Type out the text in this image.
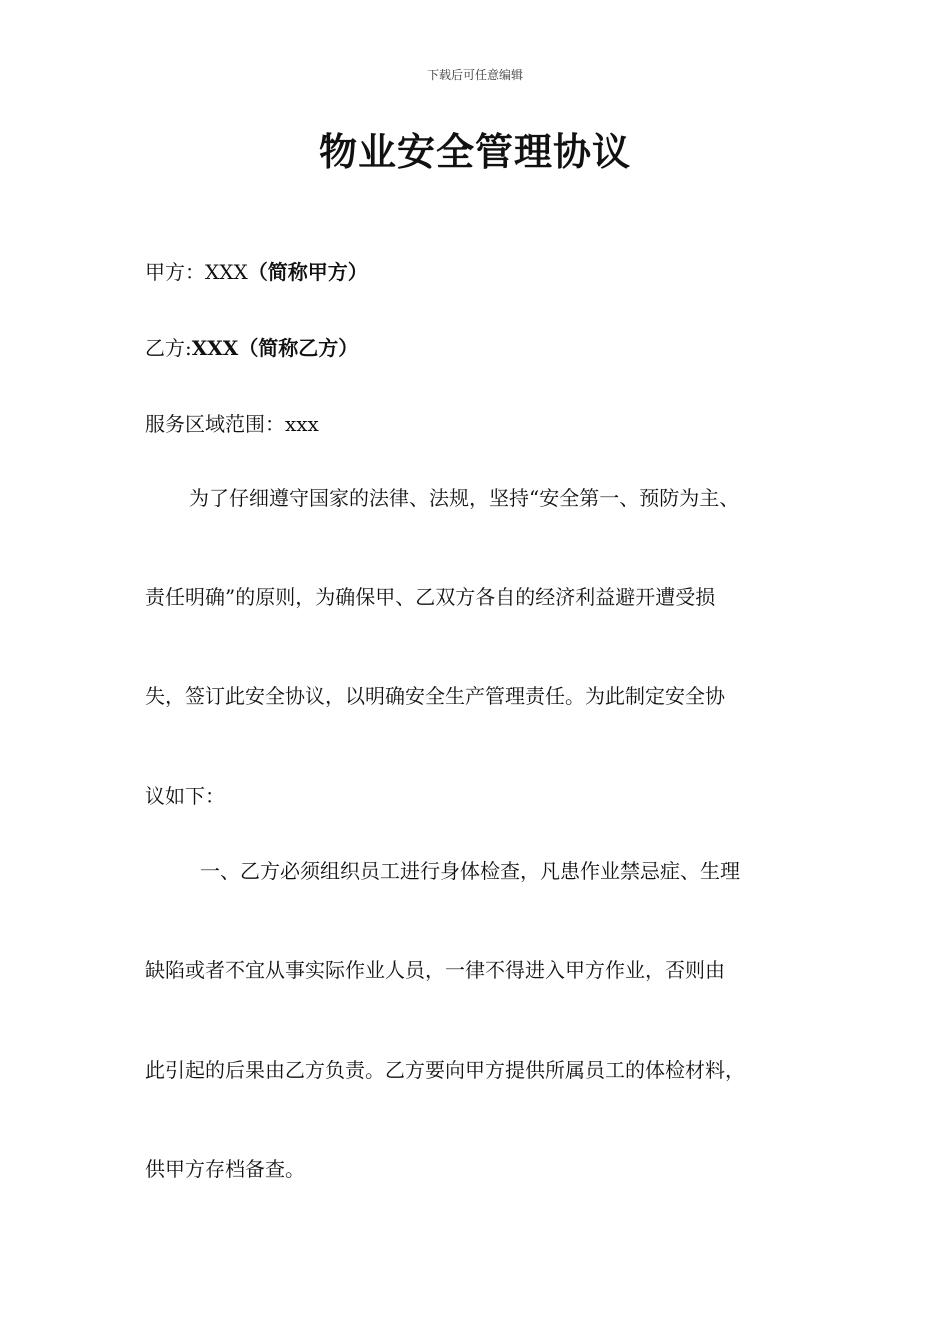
下载后可任意编辑
物业安全管理协议
甲方：XXX（简称甲方）
乙方:XXX（简称乙方）
服务区域范围：xxx
为了仔细遵守国家的法律、法规，坚持“安全第一、预防为主、
责任明确”的原则，为确保甲、乙双方各自的经济利益避开遭受损
失，签订此安全协议，以明确安全生产管理责任。为此制定安全协
议如下：
一、乙方必须组织员工进行身体检查，凡患作业禁忌症、生理
缺陷或者不宜从事实际作业人员，一律不得进入甲方作业，否则由
此引起的后果由乙方负责。乙方要向甲方提供所属员工的体检材料，
供甲方存档备查。
